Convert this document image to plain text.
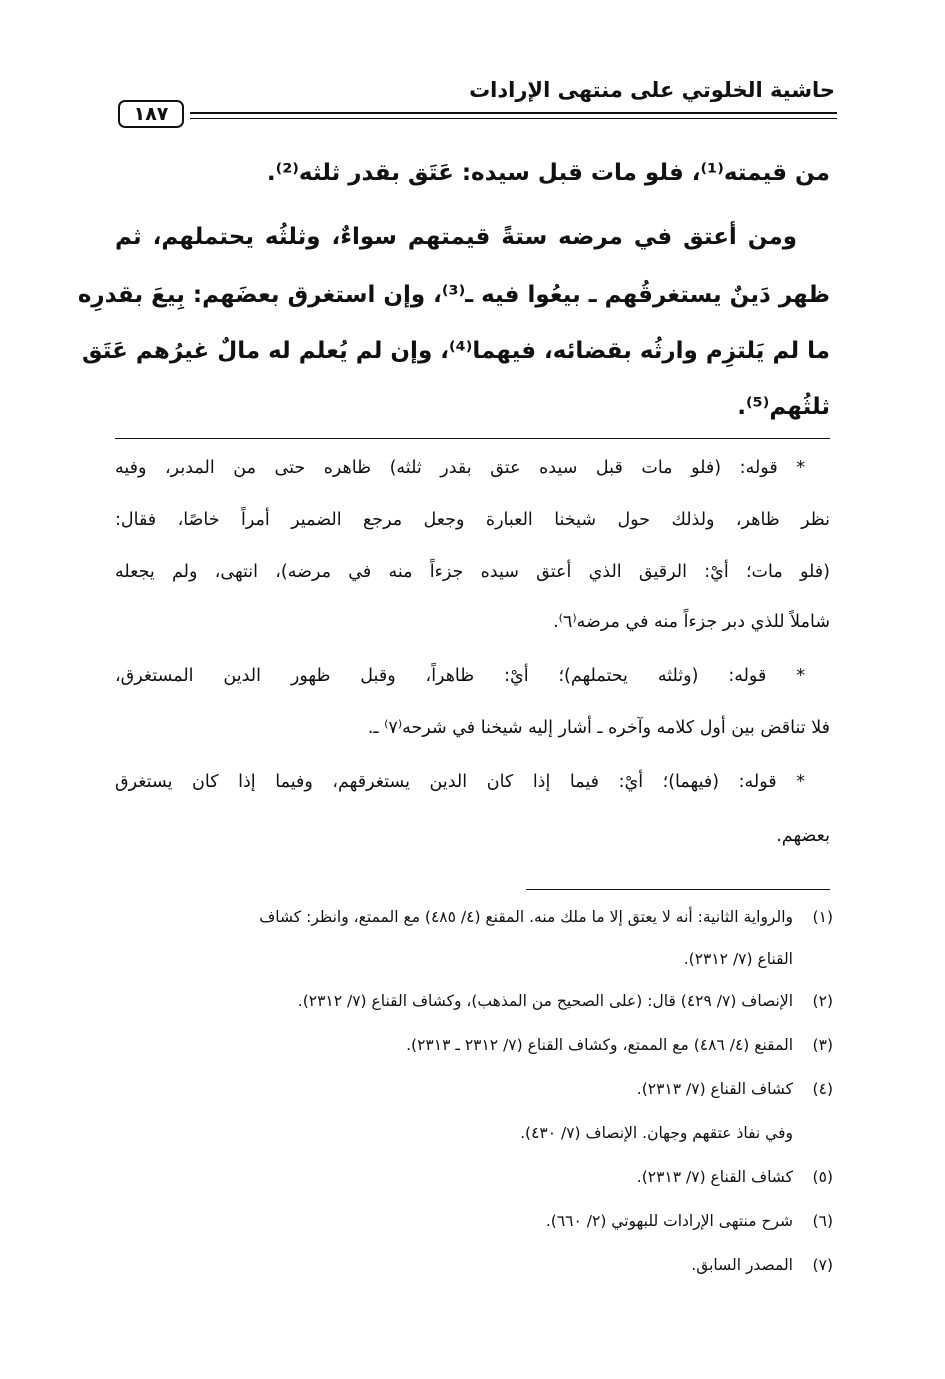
حاشية الخلوتي على منتهى الإرادات
١٨٧
من قيمته⁽¹⁾، فلو مات قبل سيده: عَتَق بقدر ثلثه⁽²⁾.
ومن أعتق في مرضه ستةً قيمتهم سواءٌ، وثلثُه يحتملهم، ثم
ظهر دَينٌ يستغرقُهم ـ بيعُوا فيه ـ⁽³⁾، وإن استغرق بعضَهم: بِيعَ بقدرِه
ما لم يَلتزِم وارثُه بقضائه، فيهما⁽⁴⁾، وإن لم يُعلم له مالٌ غيرُهم عَتَق
ثلثُهم⁽⁵⁾.
* قوله: (فلو مات قبل سيده عتق بقدر ثلثه) ظاهره حتى من المدبر، وفيه
نظر ظاهر، ولذلك حول شيخنا العبارة وجعل مرجع الضمير أمراً خاصًا، فقال:
(فلو مات؛ أيْ: الرقيق الذي أعتق سيده جزءاً منه في مرضه)، انتهى، ولم يجعله
شاملاً للذي دبر جزءاً منه في مرضه⁽٦⁾.
* قوله: (وثلثه يحتملهم)؛ أيْ: ظاهراً، وقبل ظهور الدين المستغرق،
فلا تناقض بين أول كلامه وآخره ـ أشار إليه شيخنا في شرحه⁽٧⁾ ـ.
* قوله: (فيهما)؛ أيْ: فيما إذا كان الدين يستغرقهم، وفيما إذا كان يستغرق
بعضهم.
(١)والرواية الثانية: أنه لا يعتق إلا ما ملك منه. المقنع (٤/ ٤٨٥) مع الممتع، وانظر: كشاف
القناع (٧/ ٢٣١٢).
(٢)الإنصاف (٧/ ٤٢٩) قال: (على الصحيح من المذهب)، وكشاف القناع (٧/ ٢٣١٢).
(٣)المقنع (٤/ ٤٨٦) مع الممتع، وكشاف القناع (٧/ ٢٣١٢ ـ ٢٣١٣).
(٤)كشاف القناع (٧/ ٢٣١٣).
وفي نفاذ عتقهم وجهان. الإنصاف (٧/ ٤٣٠).
(٥)كشاف القناع (٧/ ٢٣١٣).
(٦)شرح منتهى الإرادات للبهوتي (٢/ ٦٦٠).
(٧)المصدر السابق.
